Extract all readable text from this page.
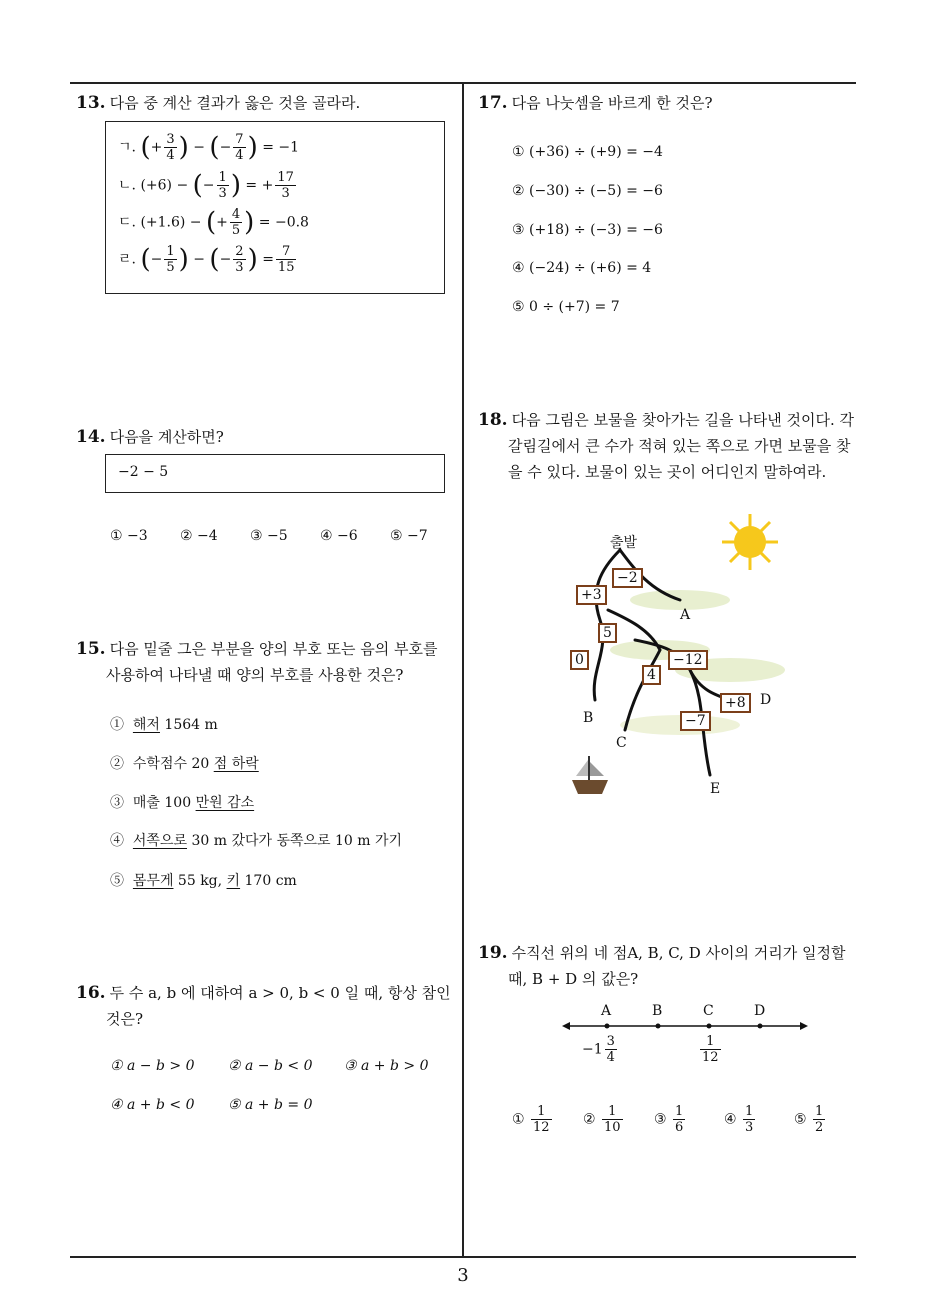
3
13. 다음 중 계산 결과가 옳은 것을 골라라.
ㄱ. (+ $\frac{3}{4}$ ) − (− $\frac{7}{4}$ ) = −1
ㄴ. (+6) − (− $\frac{1}{3}$ ) = + $\frac{17}{3}$
ㄷ. (+1.6) − (+ $\frac{4}{5}$ ) = −0.8
ㄹ. (− $\frac{1}{5}$ ) − (− $\frac{2}{3}$ ) = $\frac{7}{15}$
14. 다음을 계산하면?
−2 − 5
① −3 ② −4 ③ −5 ④ −6 ⑤ −7
15. 다음 밑줄 그은 부분을 양의 부호 또는 음의 부호를
사용하여 나타낼 때 양의 부호를 사용한 것은?
① 해저 1564 m
② 수학점수 20 점 하락
③ 매출 100 만원 감소
④ 서쪽으로 30 m 갔다가 동쪽으로 10 m 가기
⑤ 몸무게 55 kg, 키 170 cm
16. 두 수 a, b 에 대하여 a > 0, b < 0 일 때, 항상 참인
것은?
① a − b > 0 ② a − b < 0 ③ a + b > 0
④ a + b < 0 ⑤ a + b = 0
17. 다음 나눗셈을 바르게 한 것은?
① (+36) ÷ (+9) = −4
② (−30) ÷ (−5) = −6
③ (+18) ÷ (−3) = −6
④ (−24) ÷ (+6) = 4
⑤ 0 ÷ (+7) = 7
18. 다음 그림은 보물을 찾아가는 길을 나타낸 것이다. 각
갈림길에서 큰 수가 적혀 있는 쪽으로 가면 보물을 찾
을 수 있다. 보물이 있는 곳이 어디인지 말하여라.
출발
−2
+3
5
0
4
−12
+8
−7
A
B
C
D
E
19. 수직선 위의 네 점A, B, C, D 사이의 거리가 일정할
때, B + D 의 값은?
A	B	C	D
$-1 \frac{3}{4}$	$\frac{1}{12}$
① $\frac{1}{12}$ ② $\frac{1}{10}$ ③ $\frac{1}{6}$	④ $\frac{1}{3}$	⑤ $\frac{1}{2}$
